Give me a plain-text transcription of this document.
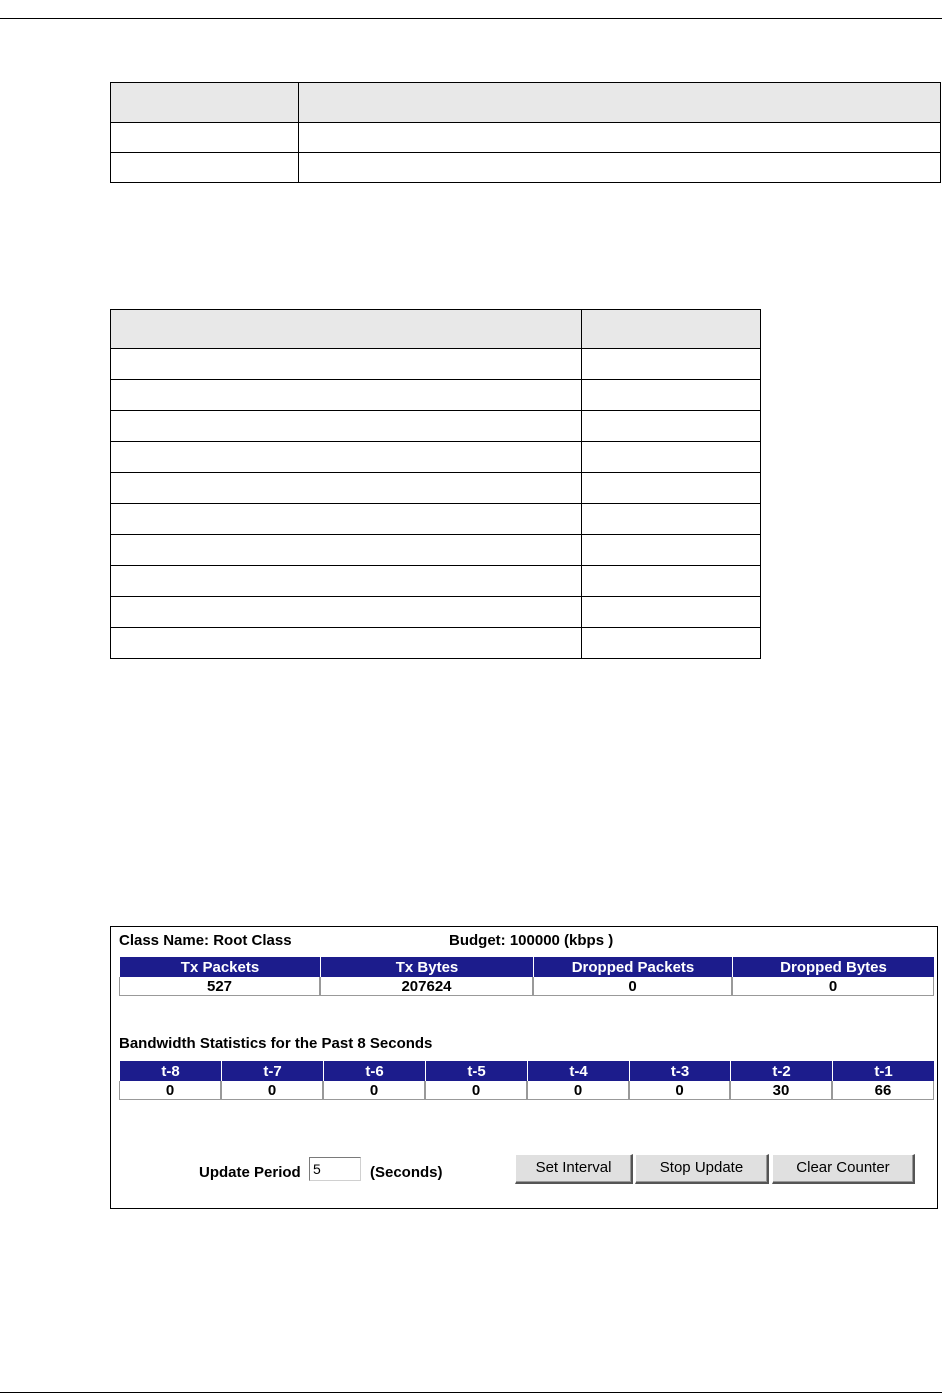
Class Name: Root Class	Budget: 100000 (kbps )
Tx Packets	Tx Bytes	Dropped Packets	Dropped Bytes
527	207624	0	0
Bandwidth Statistics for the Past 8 Seconds
t-8	t-7	t-6	t-5	t-4	t-3	t-2	t-1
0	0	0	0	0	0	30	66
Update Period
5	(Seconds)	Set Interval	Stop Update	Clear Counter
